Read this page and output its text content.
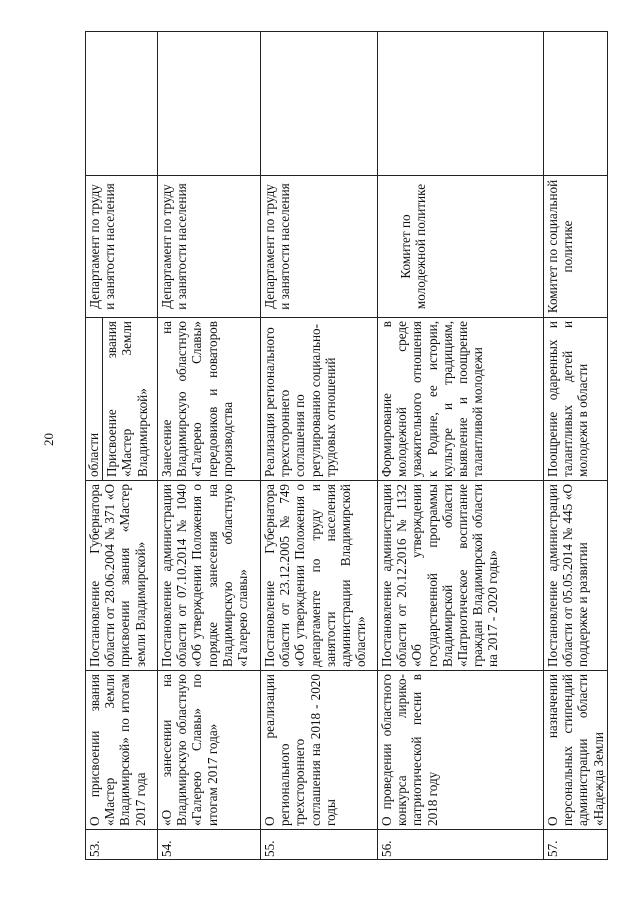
20
53.	О присвоении звания «Мастер Земли Владимирской» по итогам 2017 года	Постановление Губернатора области от 28.06.2004 № 371 «О присвоении звания «Мастер земли Владимирской»	области Присвоение звания «Мастер Земли Владимирской»	Департамент по труду и занятости населения	
54.	«О занесении на Владимирскую областную «Галерею Славы» по итогам 2017 года»	Постановление администрации области от 07.10.2014 № 1040 «Об утверждении Положения о порядке занесения на Владимирскую областную «Галерею славы»	Занесение на Владимирскую областную «Галерею Славы» передовиков и новаторов производства	Департамент по труду и занятости населения	
55.	О реализации регионального трехстороннего соглашения на 2018 - 2020 годы	Постановление Губернатора области от 23.12.2005 № 749 «Об утверждении Положения о департаменте по труду и занятости населения администрации Владимирской области»	Реализация регионального трехстороннего соглашения по регулированию социально-трудовых отношений	Департамент по труду и занятости населения	
56.	О проведении областного конкурса лирико-патриотической песни в 2018 году	Постановление администрации области от 20.12.2016 № 1132 «Об утверждении государственной программы Владимирской области «Патриотическое воспитание граждан Владимирской области на 2017 - 2020 годы»	Формирование в молодежной среде уважительного отношения к Родине, ее истории, культуре и традициям, выявление и поощрение талантливой молодежи	Комитет по молодежной политике	
57.	О назначении персональных стипендий администрации области «Надежда Земли	Постановление администрации области от 05.05.2014 № 445 «О поддержке и развитии	Поощрение одаренных и талантливых детей и молодежи в области	Комитет по социальной политике	
